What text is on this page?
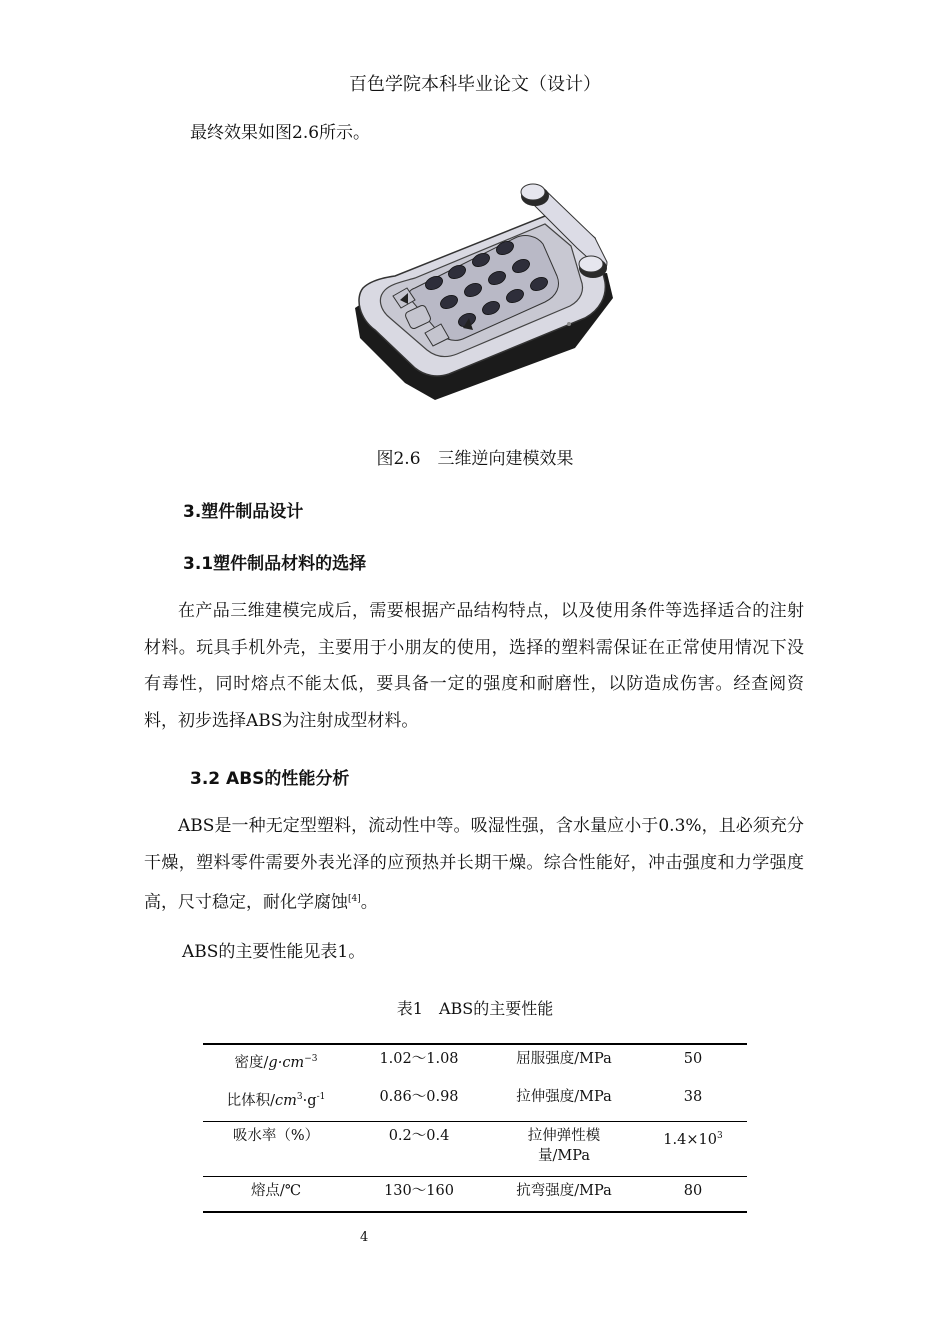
百色学院本科毕业论文（设计）
最终效果如图2.6所示。
图2.6　 三维逆向建模效果
3.塑件制品设计
3.1塑件制品材料的选择

在产品三维建模完成后，需要根据产品结构特点，以及使用条件等选择适合的注射材料。玩具手机外壳，主要用于小朋友的使用，选择的塑料需保证在正常使用情况下没有毒性，同时熔点不能太低，要具备一定的强度和耐磨性，以防造成伤害。经查阅资料，初步选择ABS为注射成型材料。

3.2 ABS的性能分析

ABS是一种无定型塑料，流动性中等。吸湿性强，含水量应小于0.3%，且必须充分干燥，塑料零件需要外表光泽的应预热并长期干燥。综合性能好，冲击强度和力学强度高，尺寸稳定，耐化学腐蚀[4]。

ABS的主要性能见表1。
表1　ABS的主要性能
密度$/g\cdot cm^{-3}$	1.02～1.08	屈服强度/MPa	50
比体积$/cm^3\cdot g^{-1}$	0.86～0.98	拉伸强度/MPa	38
吸水率（%）	0.2～0.4	拉伸弹性模量/MPa	$1.4\times 10^3$
熔点/℃	130～160	抗弯强度/MPa	80
4
